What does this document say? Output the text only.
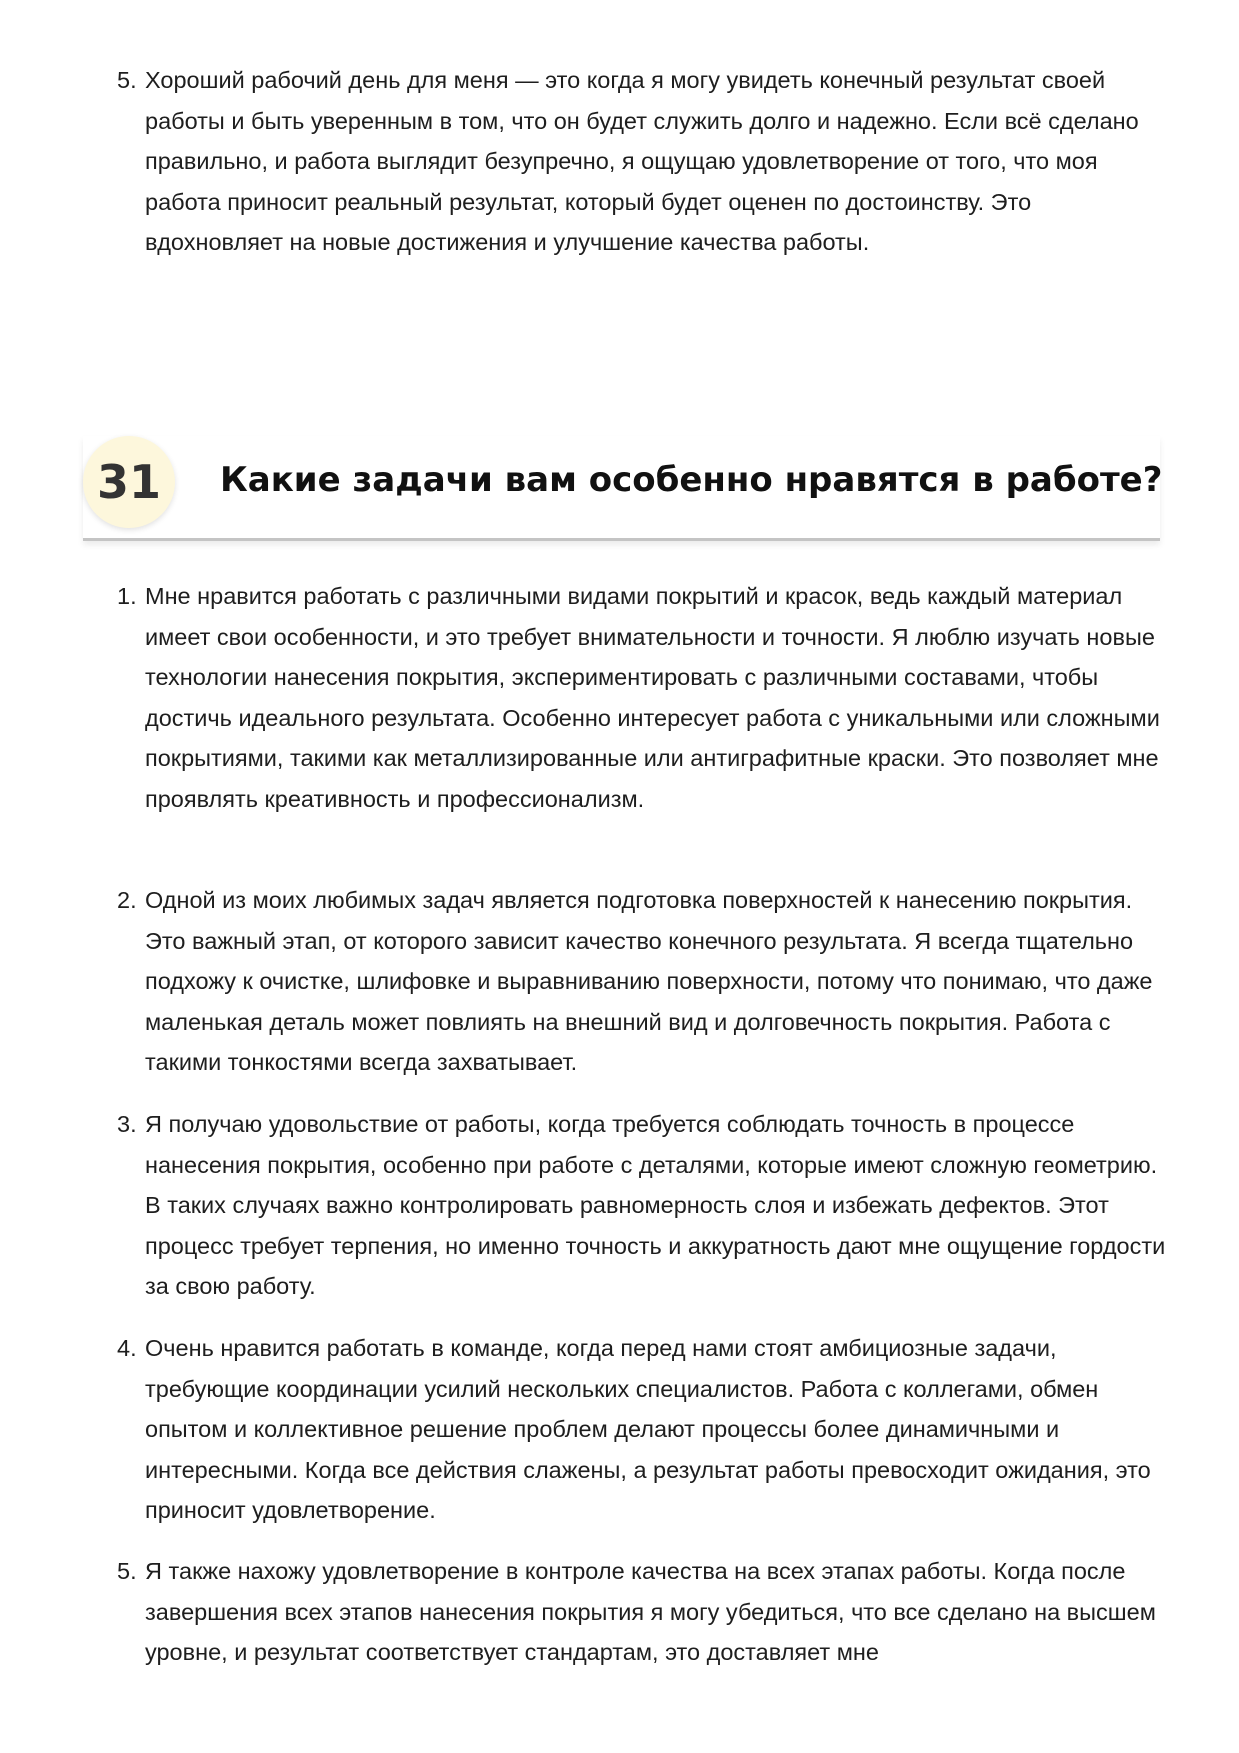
5. Хороший рабочий день для меня — это когда я могу увидеть конечный результат своей работы и быть уверенным в том, что он будет служить долго и надежно. Если всё сделано правильно, и работа выглядит безупречно, я ощущаю удовлетворение от того, что моя работа приносит реальный результат, который будет оценен по достоинству. Это вдохновляет на новые достижения и улучшение качества работы.
31	Какие задачи вам особенно нравятся в работе?
1. Мне нравится работать с различными видами покрытий и красок, ведь каждый материал имеет свои особенности, и это требует внимательности и точности. Я люблю изучать новые технологии нанесения покрытия, экспериментировать с различными составами, чтобы достичь идеального результата. Особенно интересует работа с уникальными или сложными покрытиями, такими как металлизированные или антиграфитные краски. Это позволяет мне проявлять креативность и профессионализм.
2. Одной из моих любимых задач является подготовка поверхностей к нанесению покрытия. Это важный этап, от которого зависит качество конечного результата. Я всегда тщательно подхожу к очистке, шлифовке и выравниванию поверхности, потому что понимаю, что даже маленькая деталь может повлиять на внешний вид и долговечность покрытия. Работа с такими тонкостями всегда захватывает.
3. Я получаю удовольствие от работы, когда требуется соблюдать точность в процессе нанесения покрытия, особенно при работе с деталями, которые имеют сложную геометрию. В таких случаях важно контролировать равномерность слоя и избежать дефектов. Этот процесс требует терпения, но именно точность и аккуратность дают мне ощущение гордости за свою работу.
4. Очень нравится работать в команде, когда перед нами стоят амбициозные задачи, требующие координации усилий нескольких специалистов. Работа с коллегами, обмен опытом и коллективное решение проблем делают процессы более динамичными и интересными. Когда все действия слажены, а результат работы превосходит ожидания, это приносит удовлетворение.
5. Я также нахожу удовлетворение в контроле качества на всех этапах работы. Когда после завершения всех этапов нанесения покрытия я могу убедиться, что все сделано на высшем уровне, и результат соответствует стандартам, это доставляет мне
